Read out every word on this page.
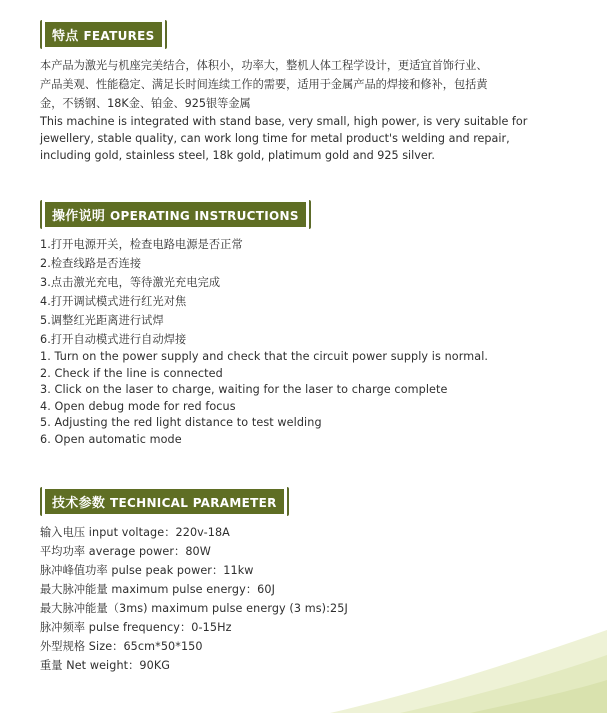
特点 FEATURES
本产品为激光与机座完美结合，体积小，功率大，整机人体工程学设计，更适宜首饰行业、
产品美观、性能稳定、满足长时间连续工作的需要，适用于金属产品的焊接和修补，包括黄
金，不锈钢、18K金、铂金、925银等金属
This machine is integrated with stand base, very small, high power, is very suitable for
jewellery, stable quality, can work long time for metal product's welding and repair,
including gold, stainless steel, 18k gold, platimum gold and 925 silver.
操作说明 OPERATING INSTRUCTIONS
1.打开电源开关，检查电路电源是否正常
2.检查线路是否连接
3.点击激光充电，等待激光充电完成
4.打开调试模式进行红光对焦
5.调整红光距离进行试焊
6.打开自动模式进行自动焊接
1. Turn on the power supply and check that the circuit power supply is normal.
2. Check if the line is connected
3. Click on the laser to charge, waiting for the laser to charge complete
4. Open debug mode for red focus
5. Adjusting the red light distance to test welding
6. Open automatic mode
技术参数 TECHNICAL PARAMETER
输入电压 input voltage：220v-18A
平均功率 average power：80W
脉冲峰值功率 pulse peak power：11kw
最大脉冲能量 maximum pulse energy：60J
最大脉冲能量（3ms) maximum pulse energy (3 ms):25J
脉冲频率 pulse frequency：0-15Hz
外型规格 Size：65cm*50*150
重量 Net weight：90KG
